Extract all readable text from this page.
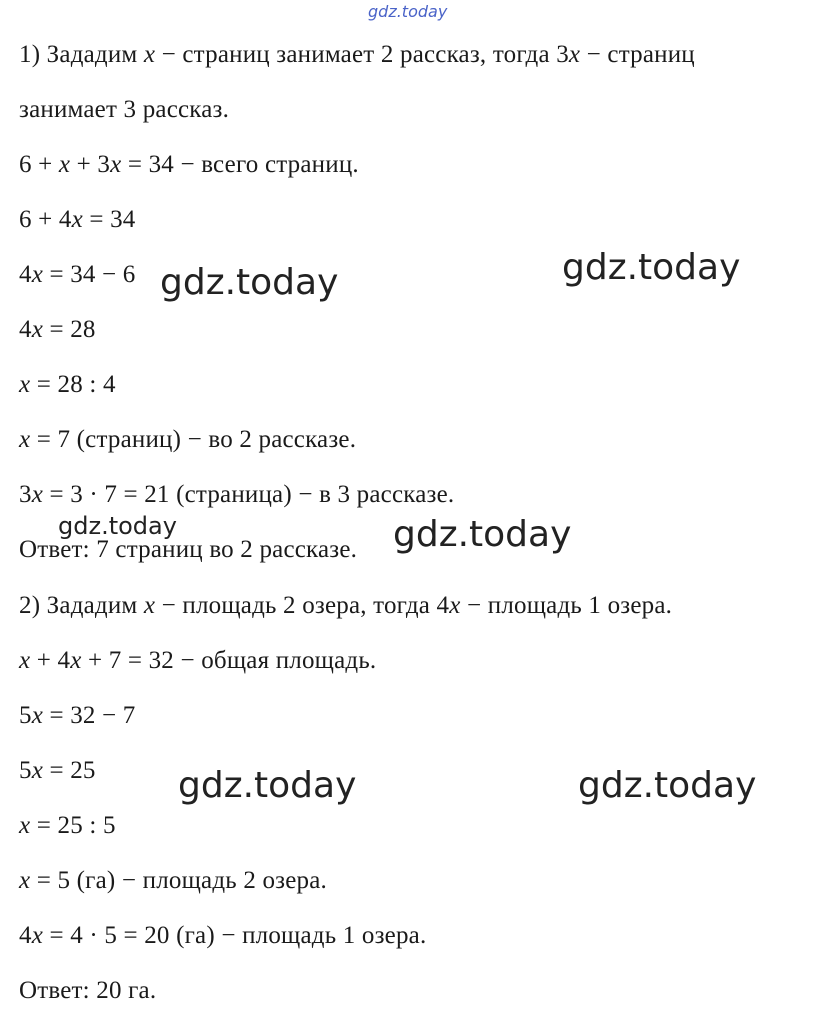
gdz.today
1) Зададим x − страниц занимает 2 рассказ, тогда 3x − страниц
занимает 3 рассказ.
6 + x + 3x = 34 − всего страниц.
6 + 4x = 34
4x = 34 − 6
4x = 28
x = 28 : 4
x = 7 (страниц) − во 2 рассказе.
3x = 3 · 7 = 21 (страница) − в 3 рассказе.
Ответ: 7 страниц во 2 рассказе.
2) Зададим x − площадь 2 озера, тогда 4x − площадь 1 озера.
x + 4x + 7 = 32 − общая площадь.
5x = 32 − 7
5x = 25
x = 25 : 5
x = 5 (га) − площадь 2 озера.
4x = 4 · 5 = 20 (га) − площадь 1 озера.
Ответ: 20 га.
gdz.today	gdz.today
gdz.today	gdz.today
gdz.today	gdz.today
